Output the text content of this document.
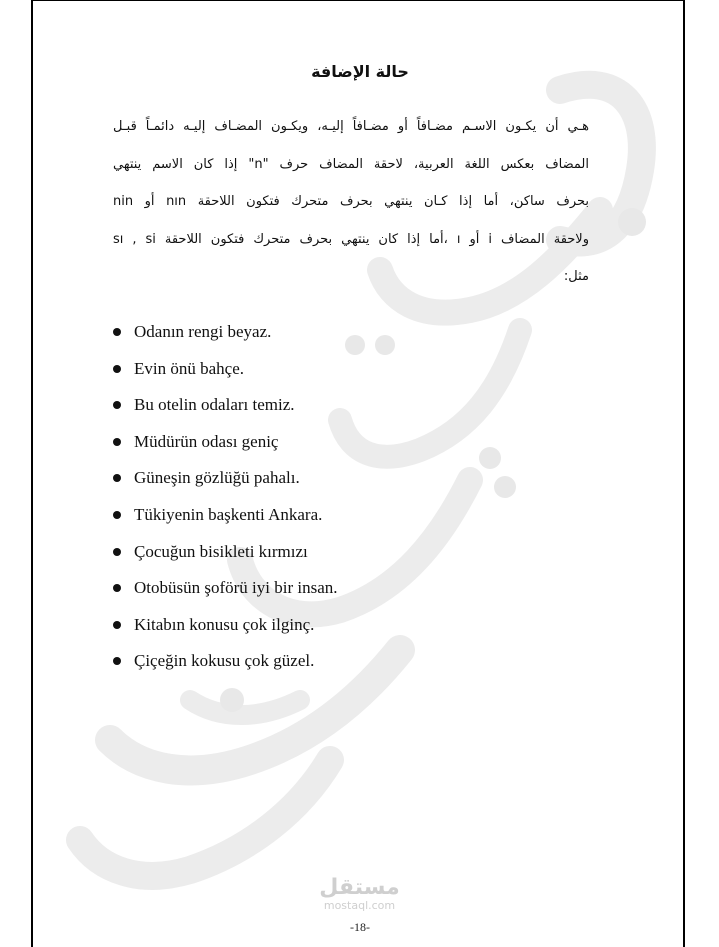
مستقل
mostaql.com
حالة الإضافة
هـي أن يكـون الاسـم مضـافاً أو مضـافاً إليـه، ويكـون المضـاف إليـه دائمـاً قبـل
المضاف بعكس اللغة العربية، لاحقة المضاف حرف "n" إذا كان الاسم ينتهي
بحرف ساكن، أما إذا كـان ينتهي بحرف متحرك فتكون اللاحقة nın أو nin
ولاحقة المضاف i أو ı ،أما إذا كان ينتهي بحرف متحرك فتكون اللاحقة sı , si
مثل:
Odanın rengi beyaz.
Evin önü bahçe.
Bu otelin odaları temiz.
Müdürün odası geniç
Güneşin gözlüğü pahalı.
Tükiyenin başkenti Ankara.
Çocuğun bisikleti kırmızı
Otobüsün şoförü iyi bir insan.
Kitabın konusu çok ilginç.
Çiçeğin kokusu çok güzel.
-18-
